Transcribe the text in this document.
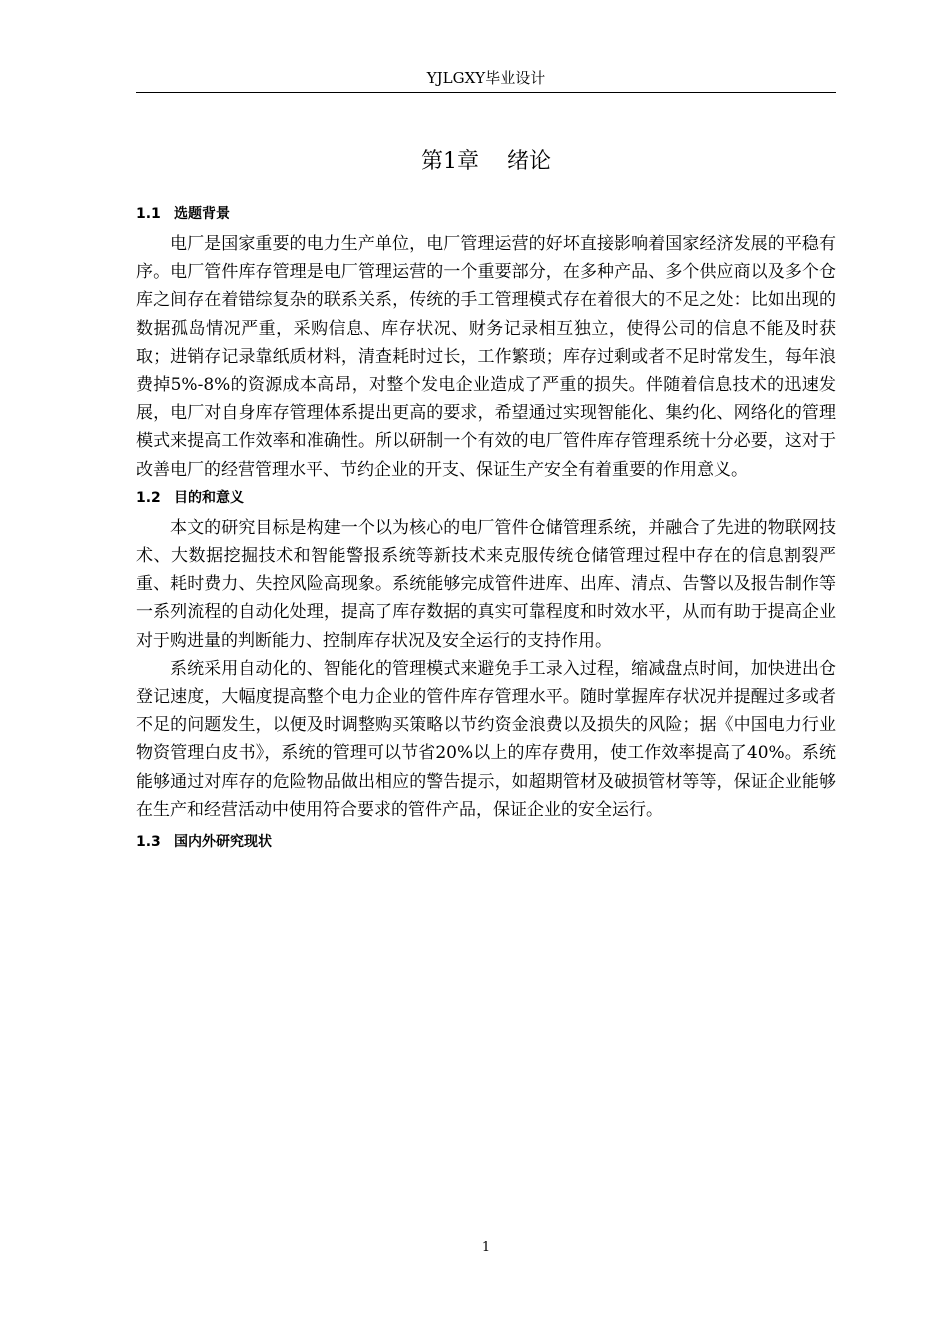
YJLGXY毕业设计
第1章 绪论
1.1 选题背景

电厂是国家重要的电力生产单位，电厂管理运营的好坏直接影响着国家经济发展的平稳有序。电厂管件库存管理是电厂管理运营的一个重要部分，在多种产品、多个供应商以及多个仓库之间存在着错综复杂的联系关系，传统的手工管理模式存在着很大的不足之处：比如出现的数据孤岛情况严重，采购信息、库存状况、财务记录相互独立，使得公司的信息不能及时获取；进销存记录靠纸质材料，清查耗时过长，工作繁琐；库存过剩或者不足时常发生，每年浪费掉5%-8%的资源成本高昂，对整个发电企业造成了严重的损失。伴随着信息技术的迅速发展，电厂对自身库存管理体系提出更高的要求，希望通过实现智能化、集约化、网络化的管理模式来提高工作效率和准确性。所以研制一个有效的电厂管件库存管理系统十分必要，这对于改善电厂的经营管理水平、节约企业的开支、保证生产安全有着重要的作用意义。

1.2 目的和意义

本文的研究目标是构建一个以为核心的电厂管件仓储管理系统，并融合了先进的物联网技术、大数据挖掘技术和智能警报系统等新技术来克服传统仓储管理过程中存在的信息割裂严重、耗时费力、失控风险高现象。系统能够完成管件进库、出库、清点、告警以及报告制作等一系列流程的自动化处理，提高了库存数据的真实可靠程度和时效水平，从而有助于提高企业对于购进量的判断能力、控制库存状况及安全运行的支持作用。

系统采用自动化的、智能化的管理模式来避免手工录入过程，缩减盘点时间，加快进出仓登记速度，大幅度提高整个电力企业的管件库存管理水平。随时掌握库存状况并提醒过多或者不足的问题发生，以便及时调整购买策略以节约资金浪费以及损失的风险；据《中国电力行业物资管理白皮书》，系统的管理可以节省20%以上的库存费用，使工作效率提高了40%。系统能够通过对库存的危险物品做出相应的警告提示，如超期管材及破损管材等等，保证企业能够在生产和经营活动中使用符合要求的管件产品，保证企业的安全运行。

1.3 国内外研究现状
1
